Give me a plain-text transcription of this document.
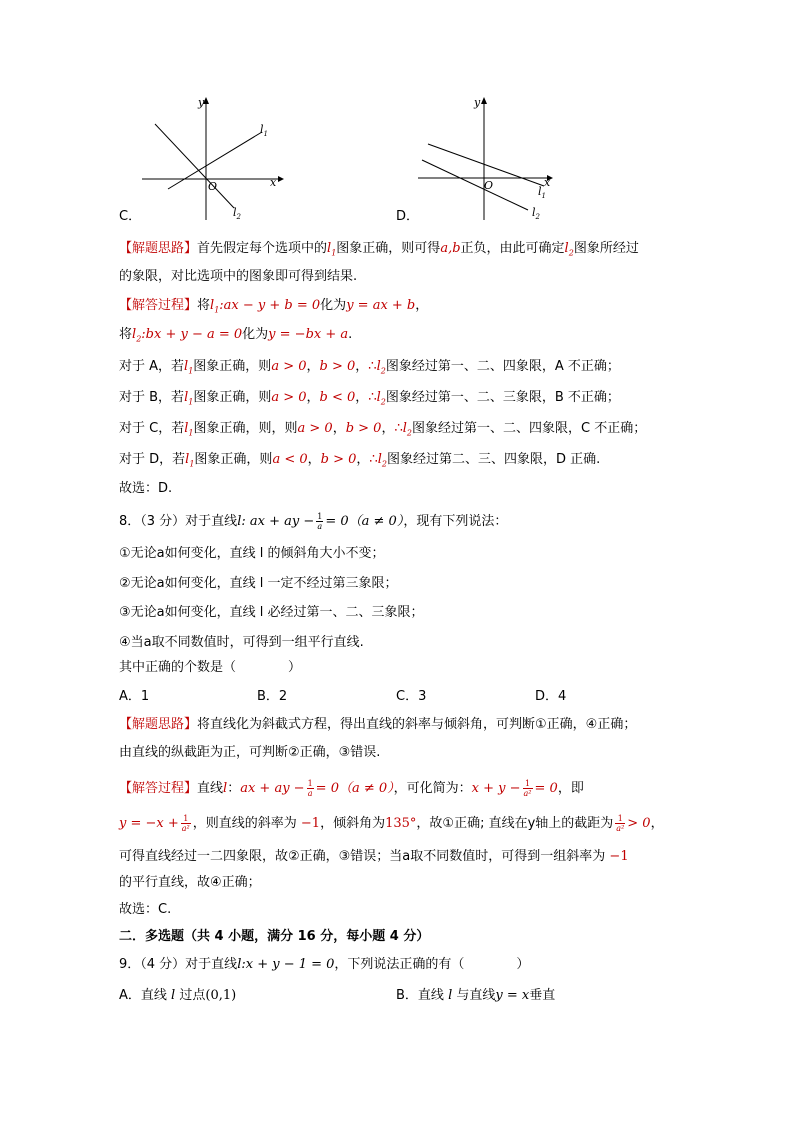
y
x
O
$l_1$
$l_2$
C．
y
x
O	$l_1$
$l_2$
D．
【解题思路】首先假定每个选项中的$l_1$图象正确，则可得a,b正负，由此可确定$l_2$图象所经过
的象限，对比选项中的图象即可得到结果.
【解答过程】将$l_1:ax - y + b = 0$化为y = ax + b，
将$l_2:bx + y - a = 0$化为y = −bx + a.
对于 A，若$l_1$图象正确，则a > 0，b > 0，$\therefore l_2$图象经过第一、二、四象限，A 不正确；
对于 B，若$l_1$图象正确，则a > 0，b < 0，$\therefore l_2$图象经过第一、二、三象限，B 不正确；
对于 C，若$l_1$图象正确，则，则a > 0，b > 0，$\therefore l_2$图象经过第一、二、四象限，C 不正确；
对于 D，若$l_1$图象正确，则a < 0，b > 0，$\therefore l_2$图象经过第二、三、四象限，D 正确.
故选：D.
8．（3 分）对于直线l: ax + ay − $\frac{1}{a} = 0(a \ne 0)$，现有下列说法：
①无论a如何变化，直线 l 的倾斜角大小不变；
②无论a如何变化，直线 l 一定不经过第三象限；
③无论a如何变化，直线 l 必经过第一、二、三象限；
④当a取不同数值时，可得到一组平行直线.
其中正确的个数是（　　　　）
A．1	B．2	C．3	D．4
【解题思路】将直线化为斜截式方程，得出直线的斜率与倾斜角，可判断①正确，④正确；
由直线的纵截距为正，可判断②正确，③错误.
【解答过程】直线l：ax + ay − $\frac{1}{a} = 0(a \ne 0)$，可化简为：$x + y - \frac{1}{\text{a²}} = 0$，即
$y = -x + \frac{1}{\text{a²}}$ ，则直线的斜率为 −1，倾斜角为135°，故①正确; 直线在y轴上的截距为 $\frac{1}{\text{a²}} > 0$，
可得直线经过一二四象限，故②正确，③错误；当a取不同数值时，可得到一组斜率为 −1
的平行直线，故④正确；
故选：C.
二．多选题（共 4 小题，满分 16 分，每小题 4 分）
9．（4 分）对于直线l:x + y − 1 = 0，下列说法正确的有（　　　　）
A．直线 l 过点(0,1)	B．直线 l 与直线y = x垂直
